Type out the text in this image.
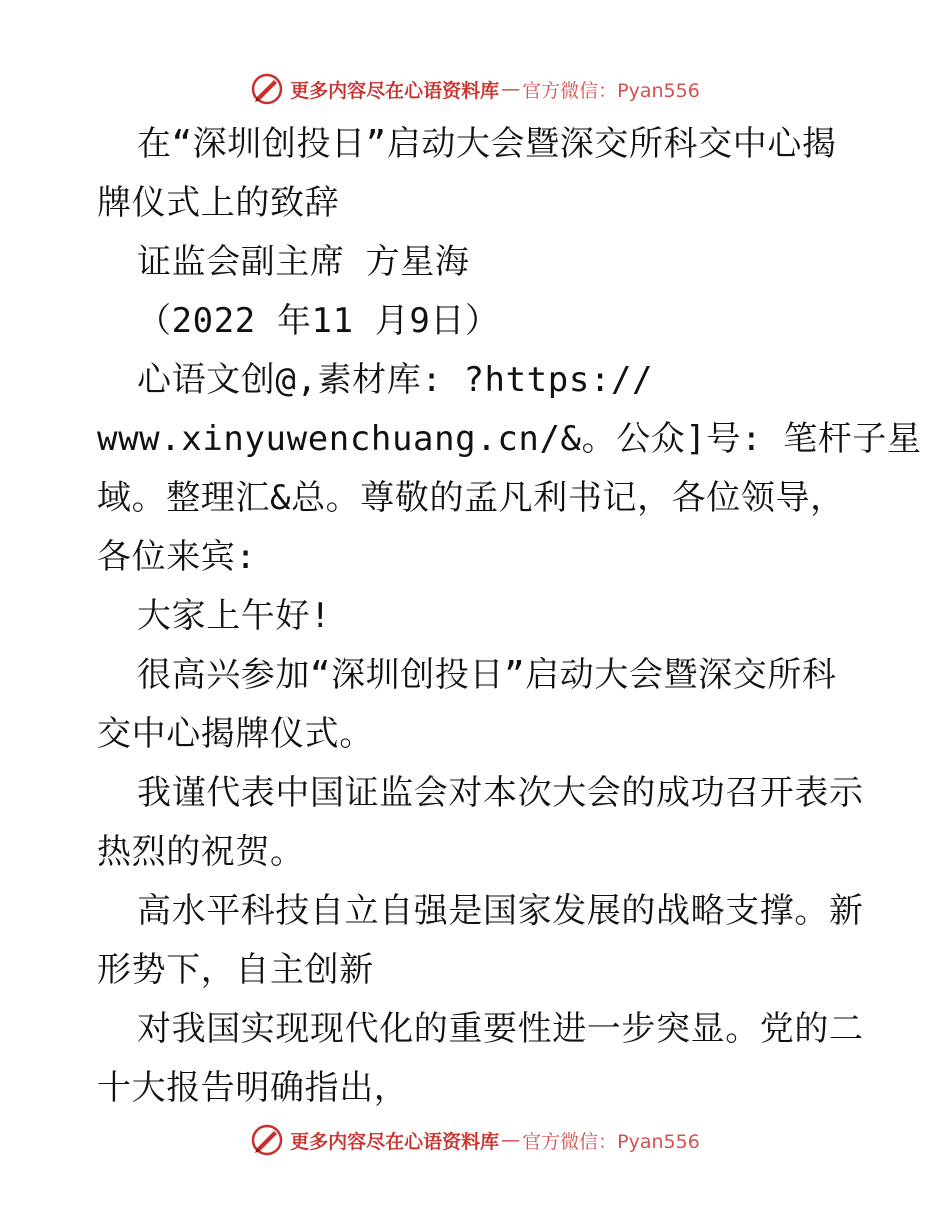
更多内容尽在心语资料库 — 官方微信：Pyan556

在“深圳创投日”启动大会暨深交所科交中心揭

牌仪式上的致辞

证监会副主席 方星海

（2022 年11 月9日）

心语文创@,素材库: ?https://

www.xinyuwenchuang.cn/&。公众]号: 笔杆子星

域。整理汇&总。尊敬的孟凡利书记，各位领导，

各位来宾:

大家上午好!

很高兴参加“深圳创投日”启动大会暨深交所科

交中心揭牌仪式。

我谨代表中国证监会对本次大会的成功召开表示

热烈的祝贺。

高水平科技自立自强是国家发展的战略支撑。新

形势下，自主创新

对我国实现现代化的重要性进一步突显。党的二

十大报告明确指出，

更多内容尽在心语资料库 — 官方微信：Pyan556
